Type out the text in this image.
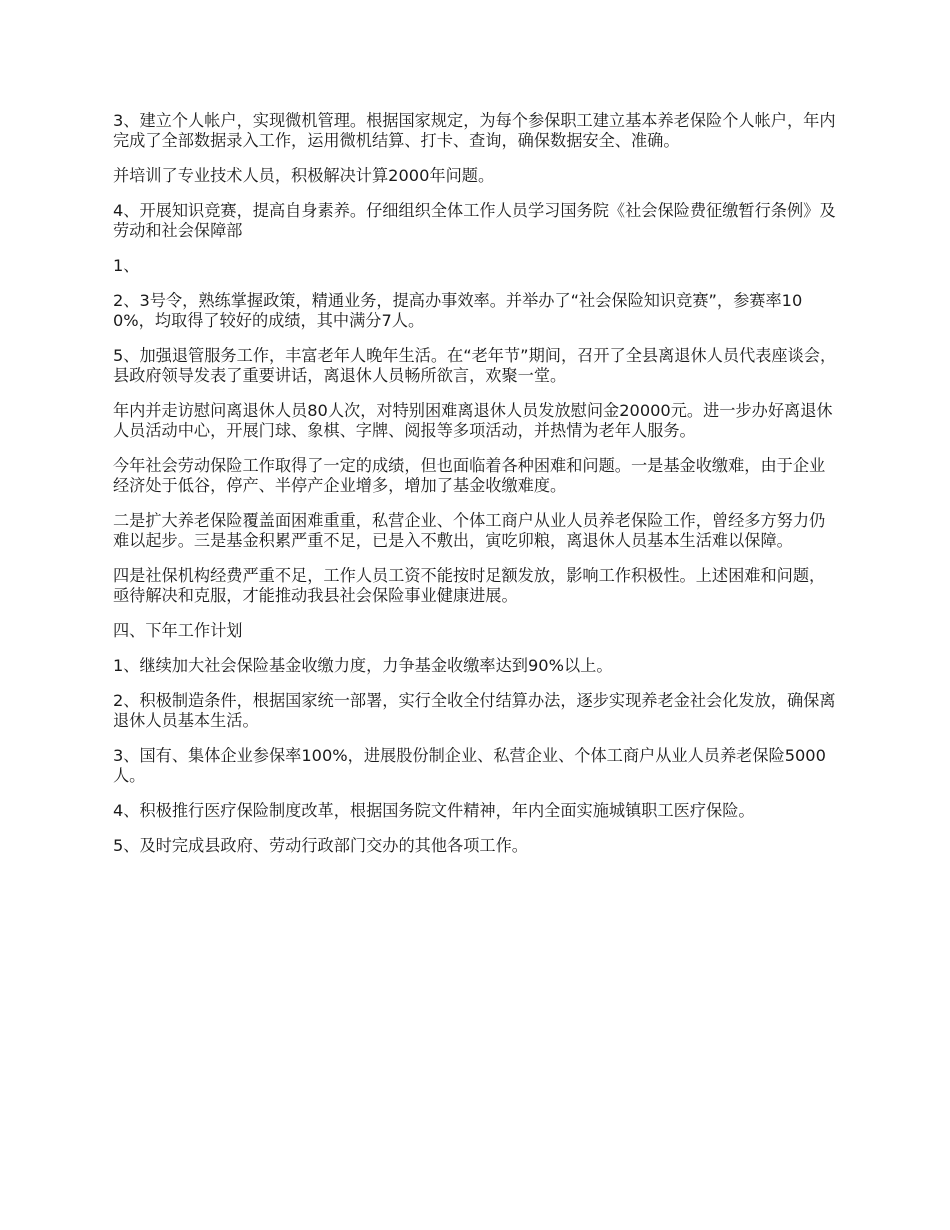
3、建立个人帐户，实现微机管理。根据国家规定，为每个参保职工建立基本养老保险个人帐户，年内完成了全部数据录入工作，运用微机结算、打卡、查询，确保数据安全、准确。

并培训了专业技术人员，积极解决计算2000年问题。

4、开展知识竞赛，提高自身素养。仔细组织全体工作人员学习国务院《社会保险费征缴暂行条例》及劳动和社会保障部

1、

2、3号令，熟练掌握政策，精通业务，提高办事效率。并举办了“社会保险知识竞赛”，参赛率100%，均取得了较好的成绩，其中满分7人。

5、加强退管服务工作，丰富老年人晚年生活。在“老年节”期间，召开了全县离退休人员代表座谈会，县政府领导发表了重要讲话，离退休人员畅所欲言，欢聚一堂。

年内并走访慰问离退休人员80人次，对特别困难离退休人员发放慰问金20000元。进一步办好离退休人员活动中心，开展门球、象棋、字牌、阅报等多项活动，并热情为老年人服务。

今年社会劳动保险工作取得了一定的成绩，但也面临着各种困难和问题。一是基金收缴难，由于企业经济处于低谷，停产、半停产企业增多，增加了基金收缴难度。

二是扩大养老保险覆盖面困难重重，私营企业、个体工商户从业人员养老保险工作，曾经多方努力仍难以起步。三是基金积累严重不足，已是入不敷出，寅吃卯粮，离退休人员基本生活难以保障。

四是社保机构经费严重不足，工作人员工资不能按时足额发放，影响工作积极性。上述困难和问题，亟待解决和克服，才能推动我县社会保险事业健康进展。

四、下年工作计划

1、继续加大社会保险基金收缴力度，力争基金收缴率达到90%以上。

2、积极制造条件，根据国家统一部署，实行全收全付结算办法，逐步实现养老金社会化发放，确保离退休人员基本生活。

3、国有、集体企业参保率100%，进展股份制企业、私营企业、个体工商户从业人员养老保险5000人。

4、积极推行医疗保险制度改革，根据国务院文件精神，年内全面实施城镇职工医疗保险。

5、及时完成县政府、劳动行政部门交办的其他各项工作。
